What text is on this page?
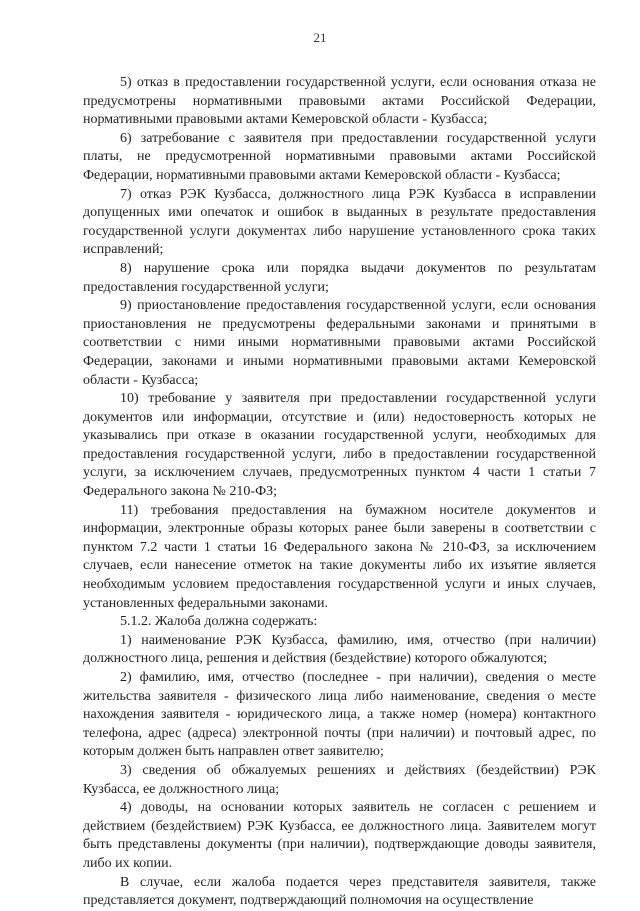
21

5) отказ в предоставлении государственной услуги, если основания отказа не предусмотрены нормативными правовыми актами Российской Федерации, нормативными правовыми актами Кемеровской области - Кузбасса;

6) затребование с заявителя при предоставлении государственной услуги платы, не предусмотренной нормативными правовыми актами Российской Федерации, нормативными правовыми актами Кемеровской области - Кузбасса;

7) отказ РЭК Кузбасса, должностного лица РЭК Кузбасса в исправлении допущенных ими опечаток и ошибок в выданных в результате предоставления государственной услуги документах либо нарушение установленного срока таких исправлений;

8) нарушение срока или порядка выдачи документов по результатам предоставления государственной услуги;

9) приостановление предоставления государственной услуги, если основания приостановления не предусмотрены федеральными законами и принятыми в соответствии с ними иными нормативными правовыми актами Российской Федерации, законами и иными нормативными правовыми актами Кемеровской области - Кузбасса;

10) требование у заявителя при предоставлении государственной услуги документов или информации, отсутствие и (или) недостоверность которых не указывались при отказе в оказании государственной услуги, необходимых для предоставления государственной услуги, либо в предоставлении государственной услуги, за исключением случаев, предусмотренных пунктом 4 части 1 статьи 7 Федерального закона № 210-ФЗ;

11) требования предоставления на бумажном носителе документов и информации, электронные образы которых ранее были заверены в соответствии с пунктом 7.2 части 1 статьи 16 Федерального закона № 210-ФЗ, за исключением случаев, если нанесение отметок на такие документы либо их изъятие является необходимым условием предоставления государственной услуги и иных случаев, установленных федеральными законами.

5.1.2. Жалоба должна содержать:

1) наименование РЭК Кузбасса, фамилию, имя, отчество (при наличии) должностного лица, решения и действия (бездействие) которого обжалуются;

2) фамилию, имя, отчество (последнее - при наличии), сведения о месте жительства заявителя - физического лица либо наименование, сведения о месте нахождения заявителя - юридического лица, а также номер (номера) контактного телефона, адрес (адреса) электронной почты (при наличии) и почтовый адрес, по которым должен быть направлен ответ заявителю;

3) сведения об обжалуемых решениях и действиях (бездействии) РЭК Кузбасса, ее должностного лица;

4) доводы, на основании которых заявитель не согласен с решением и действием (бездействием) РЭК Кузбасса, ее должностного лица. Заявителем могут быть представлены документы (при наличии), подтверждающие доводы заявителя, либо их копии.

В случае, если жалоба подается через представителя заявителя, также представляется документ, подтверждающий полномочия на осуществление
